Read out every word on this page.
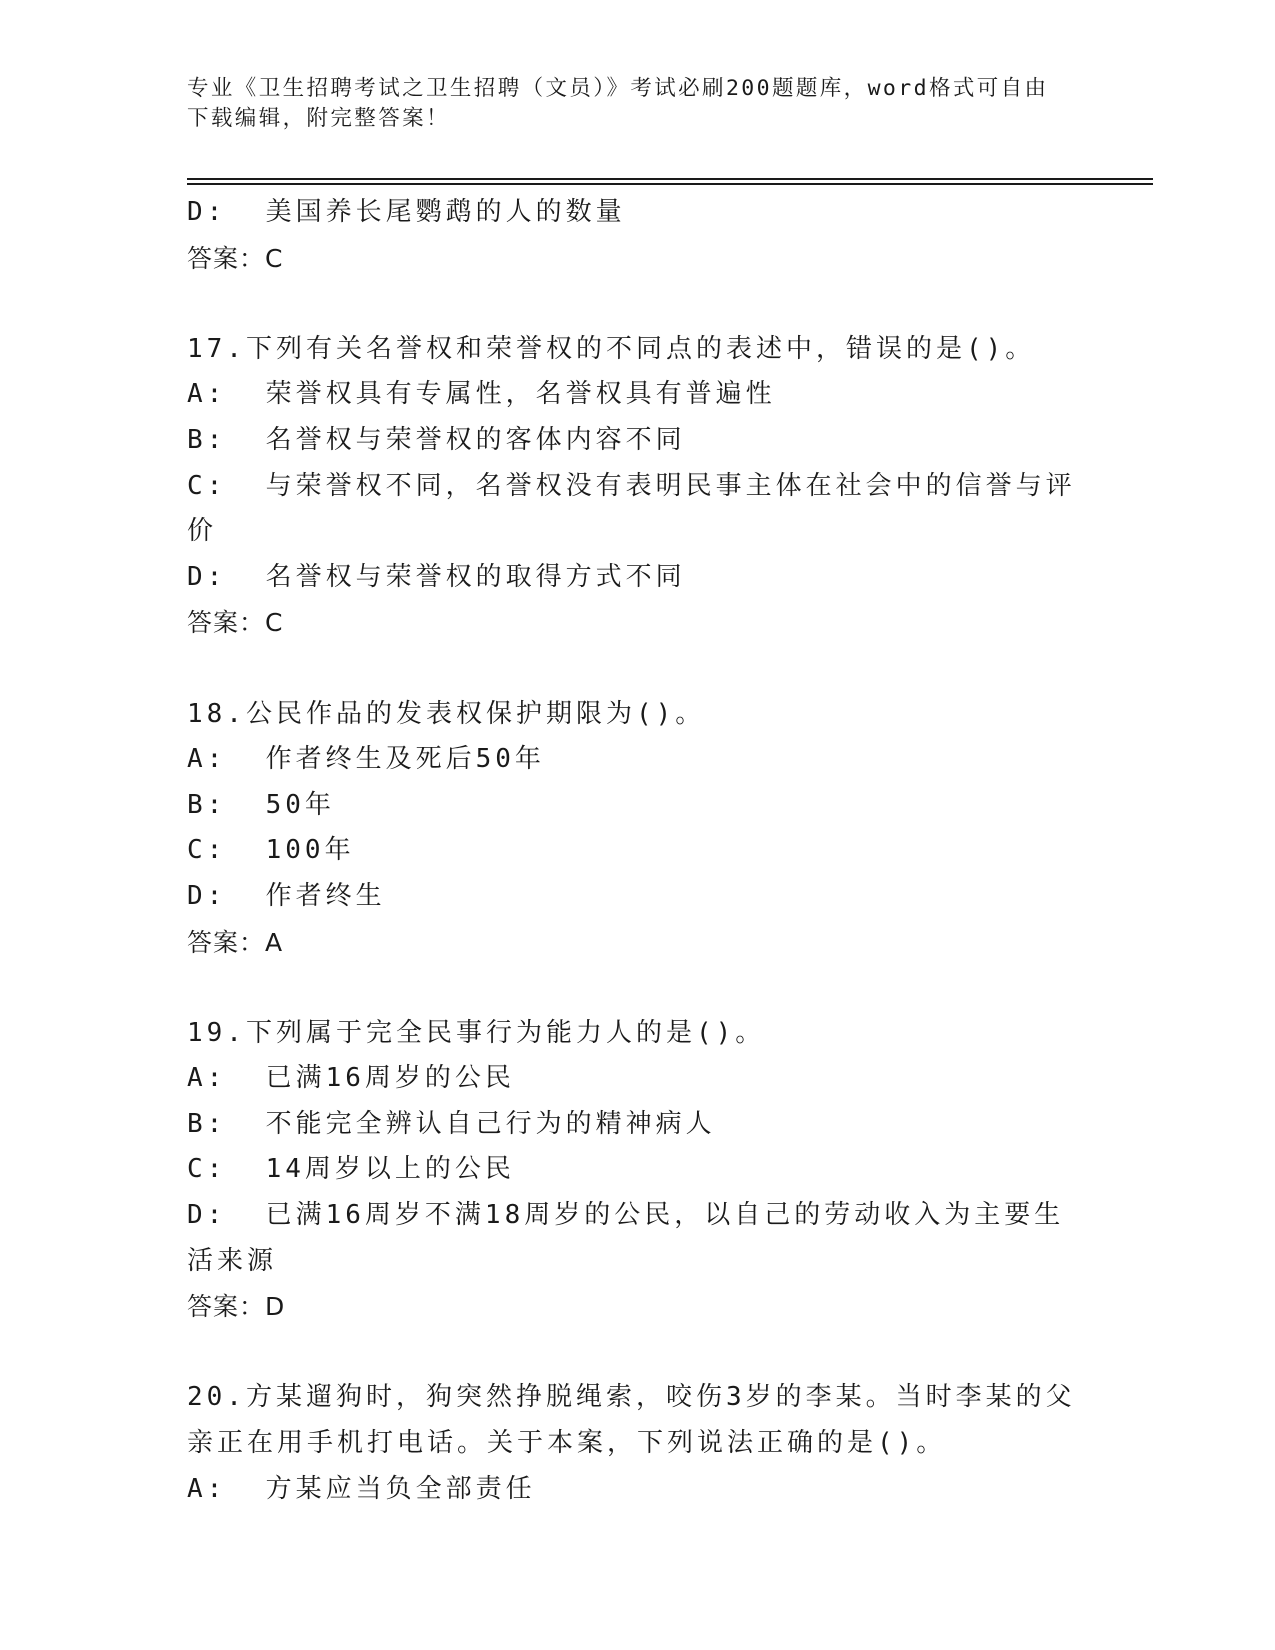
专业《卫生招聘考试之卫生招聘（文员）》考试必刷200题题库，word格式可自由下载编辑，附完整答案！

D:  美国养长尾鹦鹉的人的数量

答案：C

17.下列有关名誉权和荣誉权的不同点的表述中，错误的是()。

A:  荣誉权具有专属性，名誉权具有普遍性

B:  名誉权与荣誉权的客体内容不同

C:  与荣誉权不同，名誉权没有表明民事主体在社会中的信誉与评价

D:  名誉权与荣誉权的取得方式不同

答案：C

18.公民作品的发表权保护期限为()。

A:  作者终生及死后50年

B:  50年

C:  100年

D:  作者终生

答案：A

19.下列属于完全民事行为能力人的是()。

A:  已满16周岁的公民

B:  不能完全辨认自己行为的精神病人

C:  14周岁以上的公民

D:  已满16周岁不满18周岁的公民，以自己的劳动收入为主要生活来源

答案：D

20.方某遛狗时，狗突然挣脱绳索，咬伤3岁的李某。当时李某的父亲正在用手机打电话。关于本案，下列说法正确的是()。

A:  方某应当负全部责任
